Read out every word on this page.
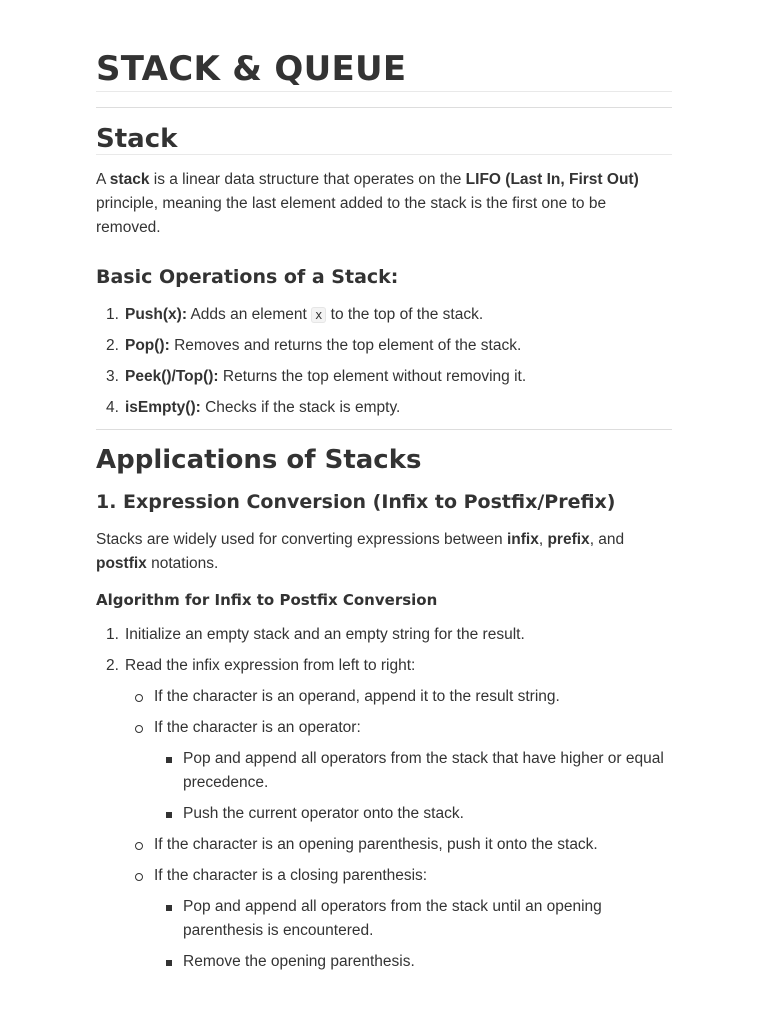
STACK & QUEUE
Stack

A stack is a linear data structure that operates on the LIFO (Last In, First Out) principle, meaning the last element added to the stack is the first one to be removed.

Basic Operations of a Stack:
1. Push(x): Adds an element x to the top of the stack.
2. Pop(): Removes and returns the top element of the stack.
3. Peek()/Top(): Returns the top element without removing it.
4. isEmpty(): Checks if the stack is empty.
Applications of Stacks
1. Expression Conversion (Infix to Postfix/Prefix)

Stacks are widely used for converting expressions between infix, prefix, and postfix notations.

Algorithm for Infix to Postfix Conversion
1. Initialize an empty stack and an empty string for the result.
2. Read the infix expression from left to right:
If the character is an operand, append it to the result string.
If the character is an operator:
Pop and append all operators from the stack that have higher or equal precedence.
Push the current operator onto the stack.
If the character is an opening parenthesis, push it onto the stack.
If the character is a closing parenthesis:
Pop and append all operators from the stack until an opening parenthesis is encountered.
Remove the opening parenthesis.
